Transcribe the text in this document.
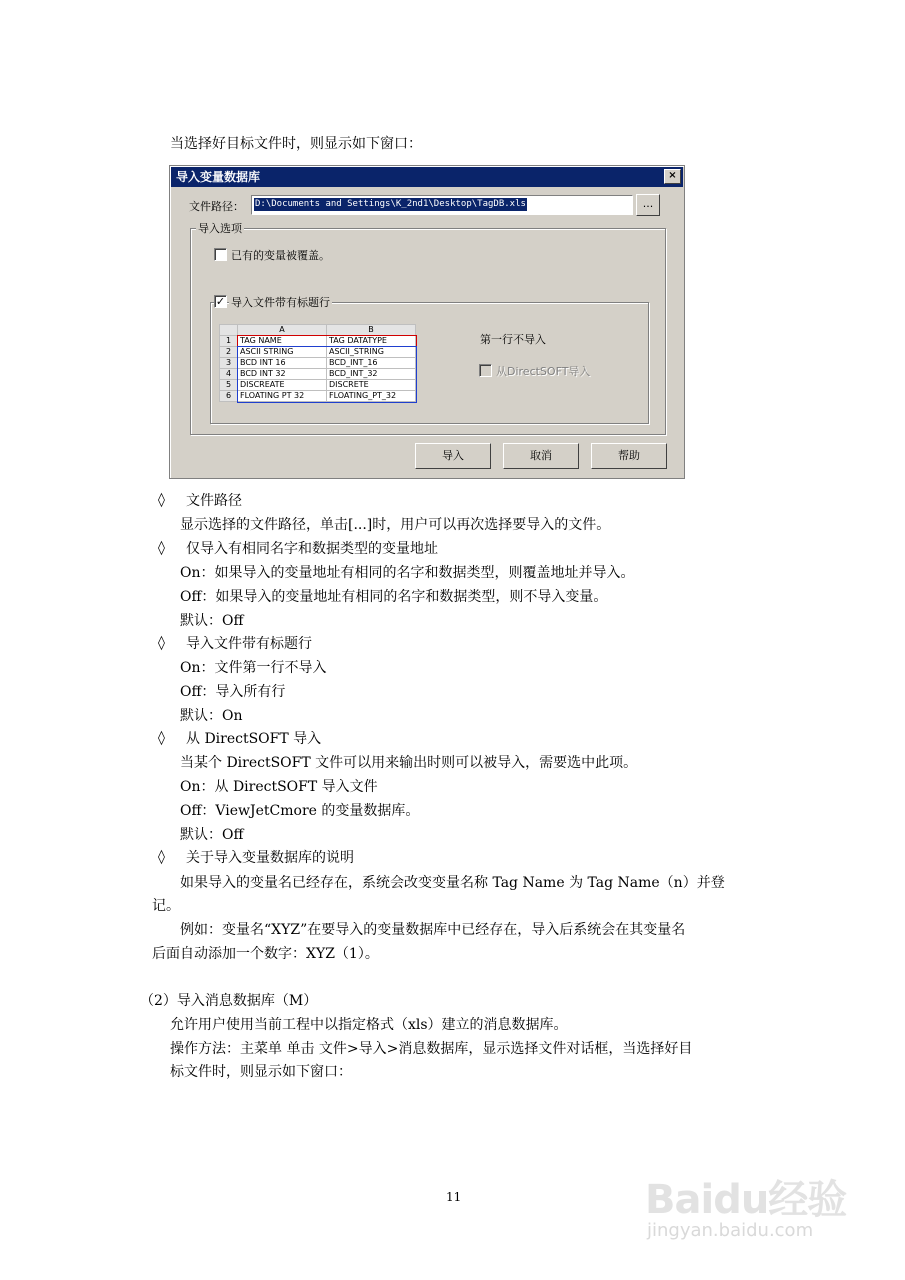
当选择好目标文件时，则显示如下窗口：
导入变量数据库	×
文件路径： D:\Documents and Settings\K_2nd1\Desktop\TagDB.xls	...
导入选项
已有的变量被覆盖。
✓ 导入文件带有标题行
	A	B
1	TAG NAME	TAG DATATYPE
2	ASCII STRING	ASCII_STRING
3	BCD INT 16	BCD_INT_16
4	BCD INT 32	BCD_INT_32
5	DISCREATE	DISCRETE
6	FLOATING PT 32	FLOATING_PT_32
第一行不导入
从DirectSOFT导入
导入	取消	帮助
◊ 文件路径
显示选择的文件路径，单击[...]时，用户可以再次选择要导入的文件。
◊ 仅导入有相同名字和数据类型的变量地址
On：如果导入的变量地址有相同的名字和数据类型，则覆盖地址并导入。
Off：如果导入的变量地址有相同的名字和数据类型，则不导入变量。
默认：Off
◊ 导入文件带有标题行
On：文件第一行不导入
Off：导入所有行
默认：On
◊ 从 DirectSOFT 导入
当某个 DirectSOFT 文件可以用来输出时则可以被导入，需要选中此项。
On：从 DirectSOFT 导入文件
Off：ViewJetCmore 的变量数据库。
默认：Off
◊ 关于导入变量数据库的说明
如果导入的变量名已经存在，系统会改变变量名称 Tag Name 为 Tag Name（n）并登
记。
例如：变量名“XYZ”在要导入的变量数据库中已经存在，导入后系统会在其变量名
后面自动添加一个数字：XYZ（1）。
（2）导入消息数据库（M）
允许用户使用当前工程中以指定格式（xls）建立的消息数据库。
操作方法：主菜单 单击 文件>导入>消息数据库，显示选择文件对话框，当选择好目
标文件时，则显示如下窗口：
11	Baidu经验
jingyan.baidu.com
